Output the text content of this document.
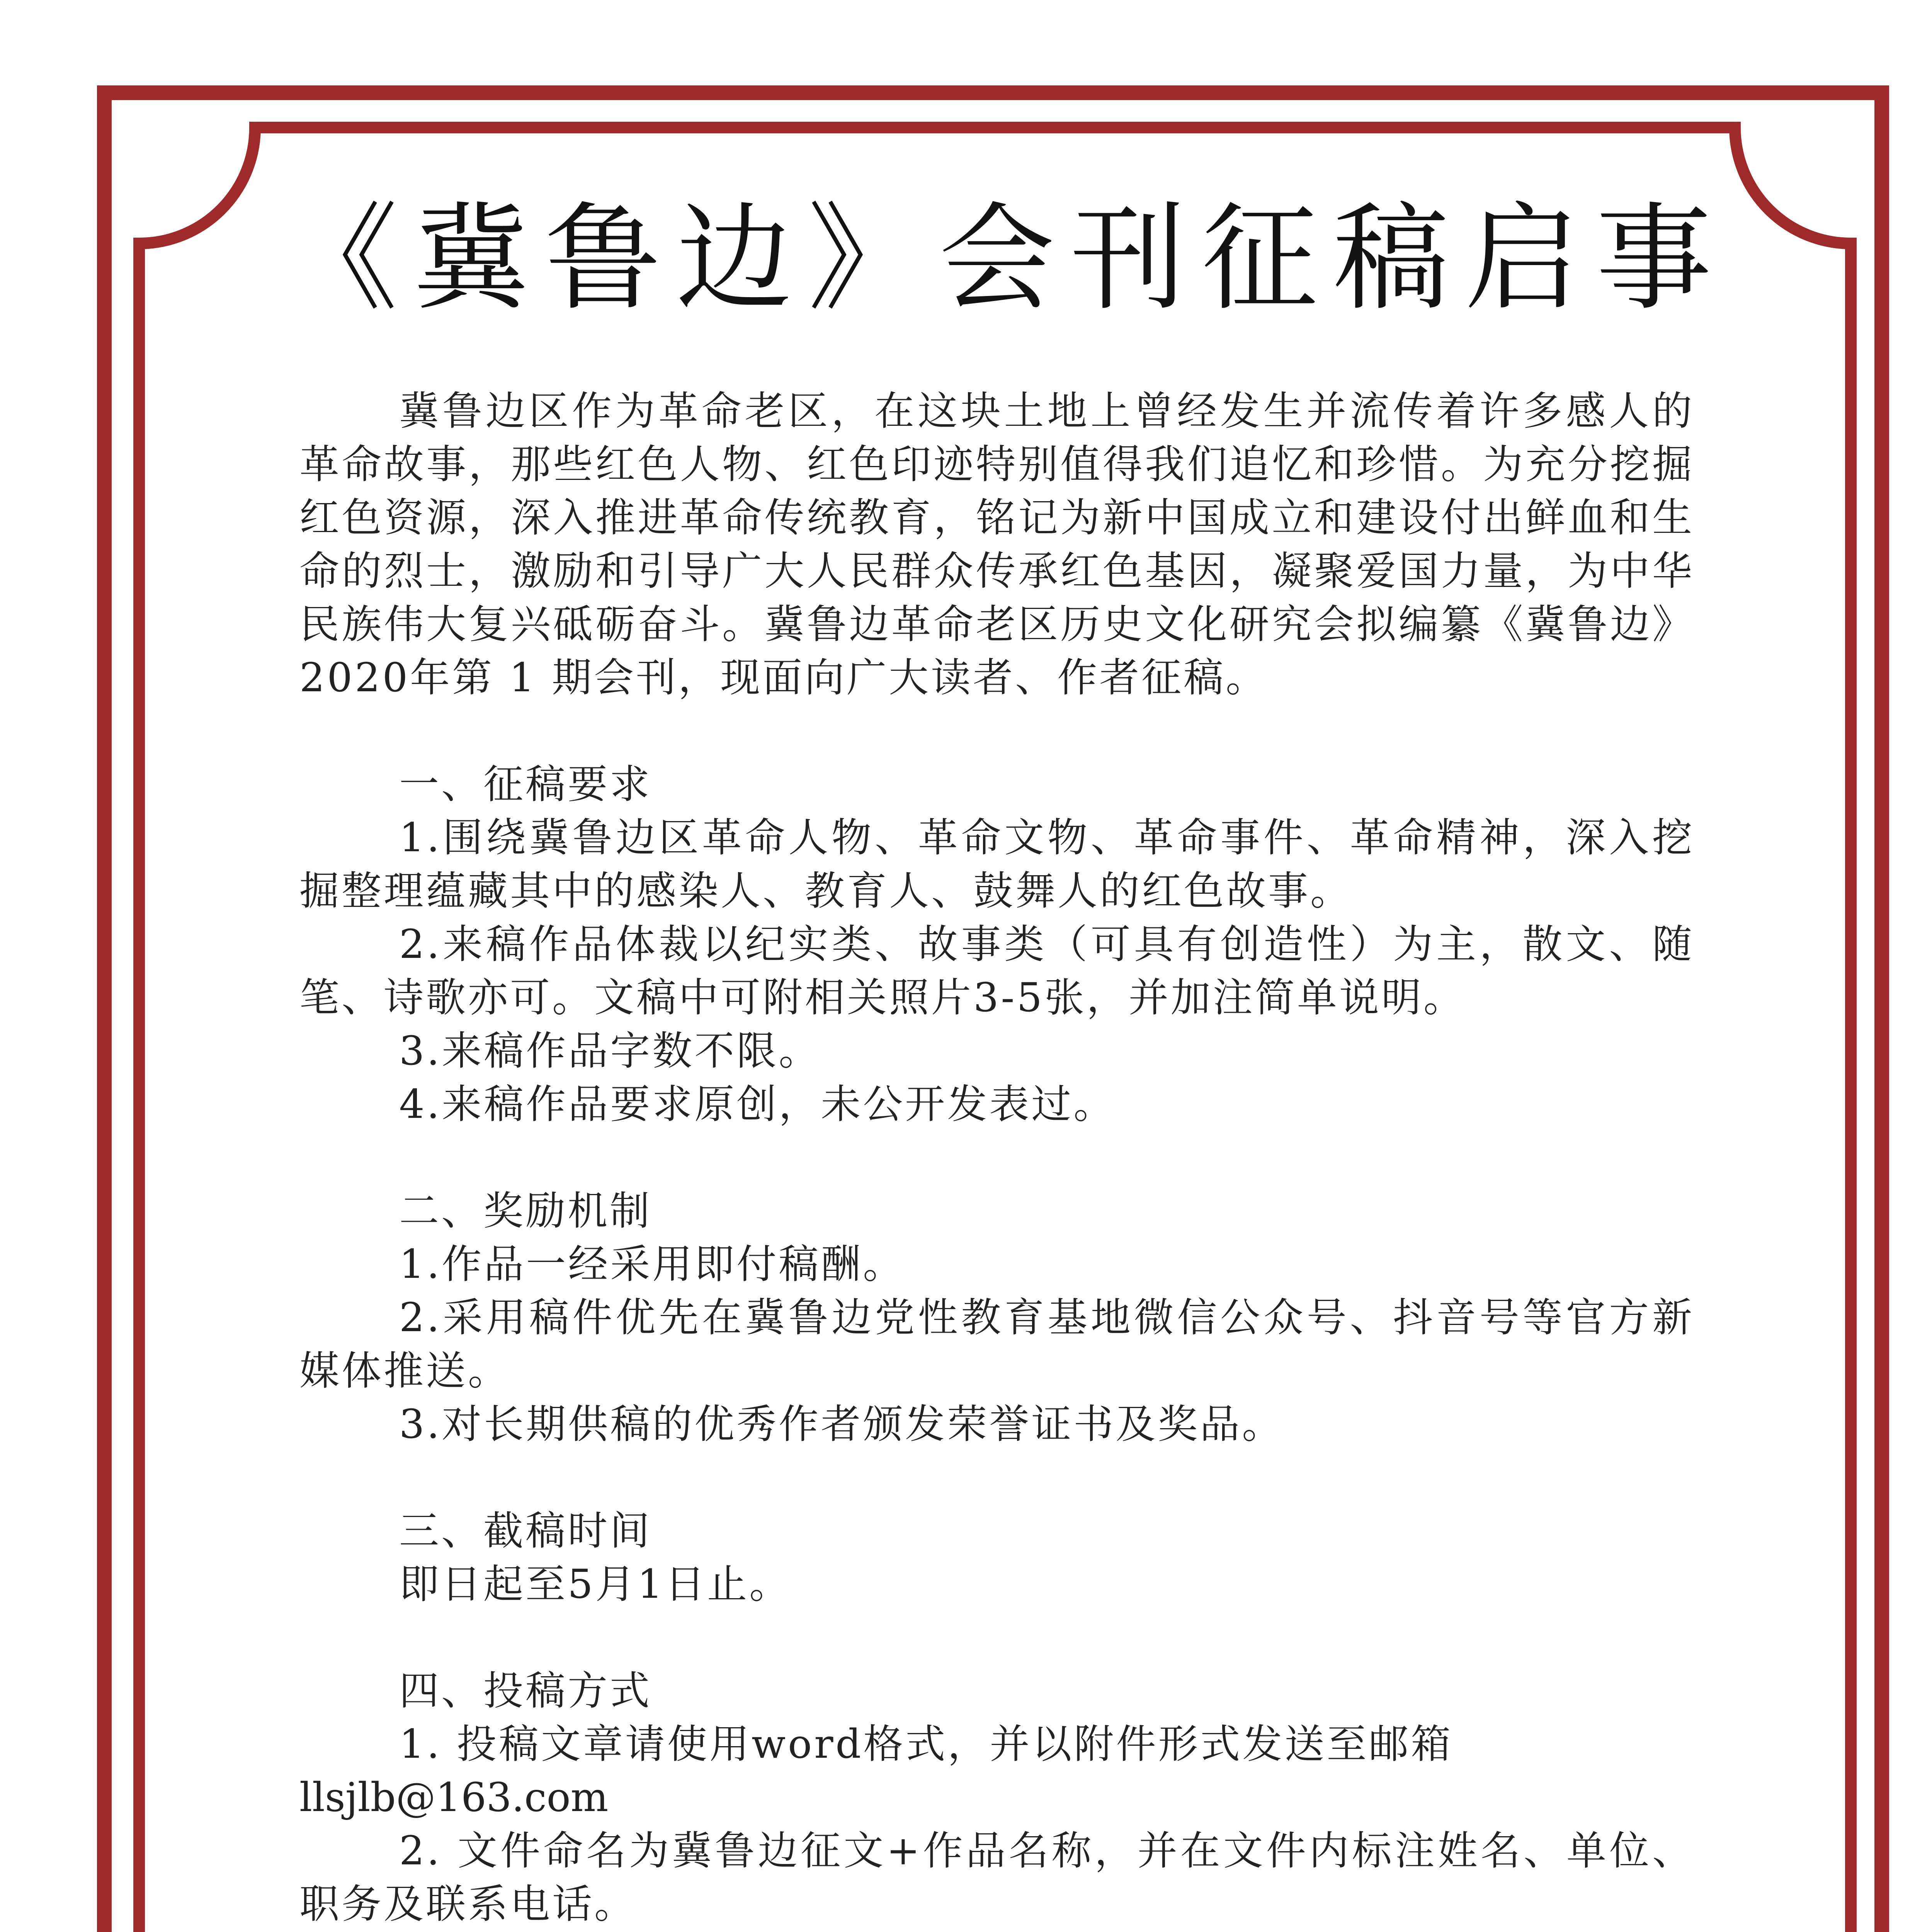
《冀鲁边》会刊征稿启事

冀鲁边区作为革命老区，在这块土地上曾经发生并流传着许多感人的革命故事，那些红色人物、红色印迹特别值得我们追忆和珍惜。为充分挖掘红色资源，深入推进革命传统教育，铭记为新中国成立和建设付出鲜血和生命的烈士，激励和引导广大人民群众传承红色基因，凝聚爱国力量，为中华民族伟大复兴砥砺奋斗。冀鲁边革命老区历史文化研究会拟编纂《冀鲁边》2020年第 1 期会刊，现面向广大读者、作者征稿。

一、征稿要求

1.围绕冀鲁边区革命人物、革命文物、革命事件、革命精神，深入挖掘整理蕴藏其中的感染人、教育人、鼓舞人的红色故事。

2.来稿作品体裁以纪实类、故事类（可具有创造性）为主，散文、随笔、诗歌亦可。文稿中可附相关照片3-5张，并加注简单说明。

3.来稿作品字数不限。

4.来稿作品要求原创，未公开发表过。

二、奖励机制

1.作品一经采用即付稿酬。

2.采用稿件优先在冀鲁边党性教育基地微信公众号、抖音号等官方新媒体推送。

3.对长期供稿的优秀作者颁发荣誉证书及奖品。

三、截稿时间

即日起至5月1日止。

四、投稿方式

1. 投稿文章请使用word格式，并以附件形式发送至邮箱

llsjlb@163.com

2. 文件命名为冀鲁边征文+作品名称，并在文件内标注姓名、单位、职务及联系电话。
